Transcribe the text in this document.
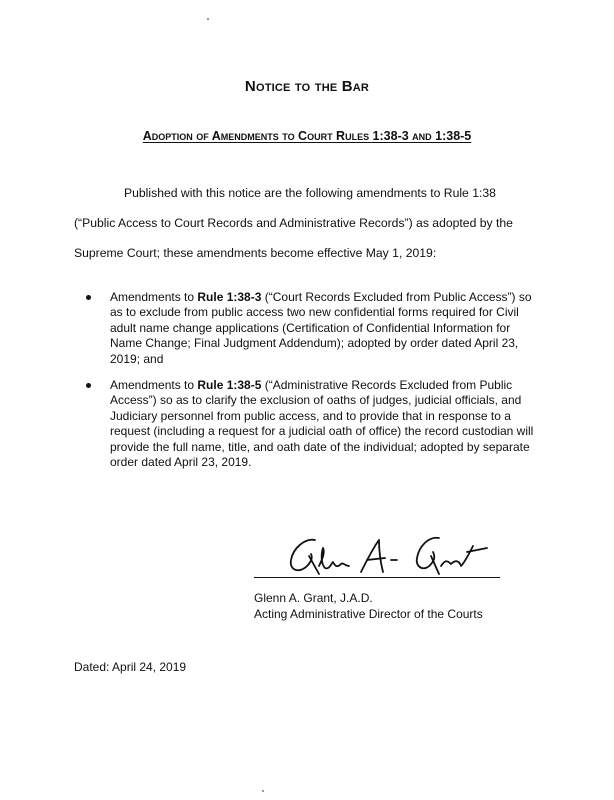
Notice to the Bar
Adoption of Amendments to Court Rules 1:38-3 and 1:38-5

Published with this notice are the following amendments to Rule 1:38 (“Public Access to Court Records and Administrative Records”) as adopted by the Supreme Court; these amendments become effective May 1, 2019:

Amendments to Rule 1:38-3 (“Court Records Excluded from Public Access”) so as to exclude from public access two new confidential forms required for Civil adult name change applications (Certification of Confidential Information for Name Change; Final Judgment Addendum); adopted by order dated April 23, 2019; and
Amendments to Rule 1:38-5 (“Administrative Records Excluded from Public Access”) so as to clarify the exclusion of oaths of judges, judicial officials, and Judiciary personnel from public access, and to provide that in response to a request (including a request for a judicial oath of office) the record custodian will provide the full name, title, and oath date of the individual; adopted by separate order dated April 23, 2019.
Glenn A. Grant, J.A.D.
Acting Administrative Director of the Courts
Dated: April 24, 2019
